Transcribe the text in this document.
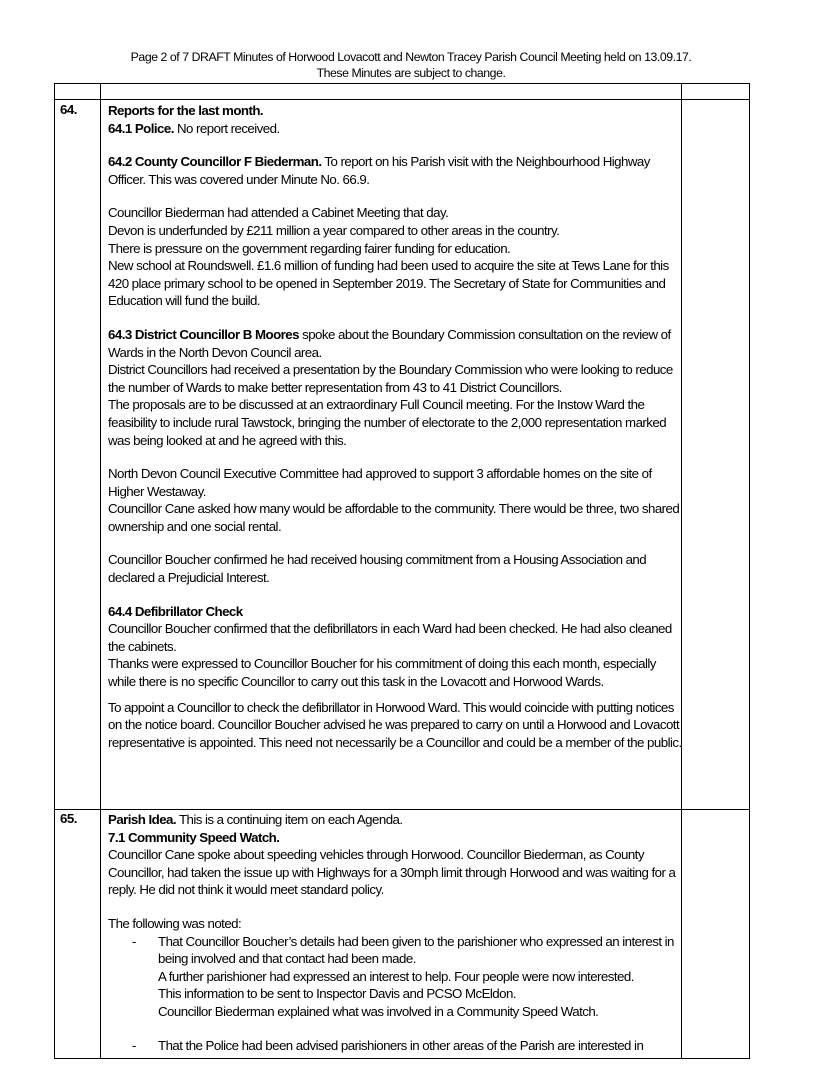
Page 2 of 7 DRAFT Minutes of Horwood Lovacott and Newton Tracey Parish Council Meeting held on 13.09.17.
These Minutes are subject to change.
64. Reports for the last month.

64.1 Police. No report received.

64.2 County Councillor F Biederman. To report on his Parish visit with the Neighbourhood Highway Officer. This was covered under Minute No. 66.9.

Councillor Biederman had attended a Cabinet Meeting that day.

Devon is underfunded by £211 million a year compared to other areas in the country.

There is pressure on the government regarding fairer funding for education.

New school at Roundswell. £1.6 million of funding had been used to acquire the site at Tews Lane for this 420 place primary school to be opened in September 2019. The Secretary of State for Communities and Education will fund the build.

64.3 District Councillor B Moores spoke about the Boundary Commission consultation on the review of Wards in the North Devon Council area.

District Councillors had received a presentation by the Boundary Commission who were looking to reduce the number of Wards to make better representation from 43 to 41 District Councillors.

The proposals are to be discussed at an extraordinary Full Council meeting. For the Instow Ward the feasibility to include rural Tawstock, bringing the number of electorate to the 2,000 representation marked was being looked at and he agreed with this.

North Devon Council Executive Committee had approved to support 3 affordable homes on the site of Higher Westaway.

Councillor Cane asked how many would be affordable to the community. There would be three, two shared ownership and one social rental.

Councillor Boucher confirmed he had received housing commitment from a Housing Association and declared a Prejudicial Interest.

64.4 Defibrillator Check

Councillor Boucher confirmed that the defibrillators in each Ward had been checked. He had also cleaned the cabinets.

Thanks were expressed to Councillor Boucher for his commitment of doing this each month, especially while there is no specific Councillor to carry out this task in the Lovacott and Horwood Wards.

To appoint a Councillor to check the defibrillator in Horwood Ward. This would coincide with putting notices on the notice board. Councillor Boucher advised he was prepared to carry on until a Horwood and Lovacott representative is appointed. This need not necessarily be a Councillor and could be a member of the public.

65. Parish Idea. This is a continuing item on each Agenda.

7.1 Community Speed Watch.

Councillor Cane spoke about speeding vehicles through Horwood. Councillor Biederman, as County Councillor, had taken the issue up with Highways for a 30mph limit through Horwood and was waiting for a reply. He did not think it would meet standard policy.

The following was noted:

- That Councillor Boucher’s details had been given to the parishioner who expressed an interest in being involved and that contact had been made.

A further parishioner had expressed an interest to help. Four people were now interested.

This information to be sent to Inspector Davis and PCSO McEldon.

Councillor Biederman explained what was involved in a Community Speed Watch.

- That the Police had been advised parishioners in other areas of the Parish are interested in
